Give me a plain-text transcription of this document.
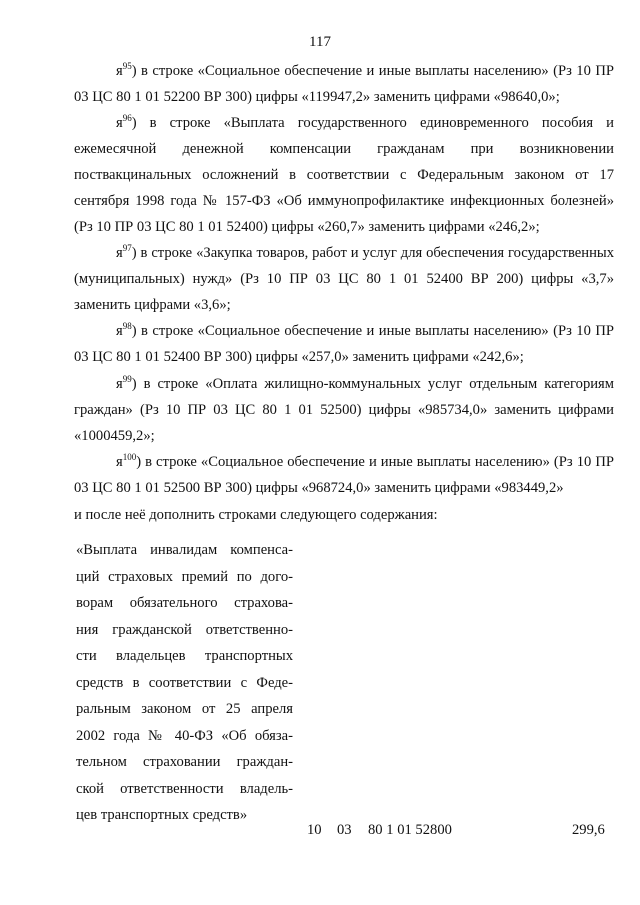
117

$я^{95}$) в строке «Социальное обеспечение и иные выплаты населению» (Рз 10 ПР 03 ЦС 80 1 01 52200 ВР 300) цифры «119947,2» заменить цифрами «98640,0»;

$я^{96}$) в строке «Выплата государственного единовременного пособия и ежемесячной денежной компенсации гражданам при возникновении поствакцинальных осложнений в соответствии с Федеральным законом от 17 сентября 1998 года № 157-ФЗ «Об иммунопрофилактике инфекционных болезней» (Рз 10 ПР 03 ЦС 80 1 01 52400) цифры «260,7» заменить цифрами «246,2»;

$я^{97}$) в строке «Закупка товаров, работ и услуг для обеспечения государственных (муниципальных) нужд» (Рз 10 ПР 03 ЦС 80 1 01 52400 ВР 200) цифры «3,7» заменить цифрами «3,6»;

$я^{98}$) в строке «Социальное обеспечение и иные выплаты населению» (Рз 10 ПР 03 ЦС 80 1 01 52400 ВР 300) цифры «257,0» заменить цифрами «242,6»;

$я^{99}$) в строке «Оплата жилищно-коммунальных услуг отдельным категориям граждан» (Рз 10 ПР 03 ЦС 80 1 01 52500) цифры «985734,0» заменить цифрами «1000459,2»;

$я^{100}$) в строке «Социальное обеспечение и иные выплаты населению» (Рз 10 ПР 03 ЦС 80 1 01 52500 ВР 300) цифры «968724,0» заменить цифрами «983449,2»

и после неё дополнить строками следующего содержания:

«Выплата инвалидам компенса-
ций страховых премий по дого-
ворам обязательного страхова-
ния гражданской ответственно-
сти владельцев транспортных
средств в соответствии с Феде-
ральным законом от 25 апреля
2002 года № 40-ФЗ «Об обяза-
тельном страховании граждан-
ской ответственности владель-
цев транспортных средств»
10 03 80 1 01 52800	299,6
